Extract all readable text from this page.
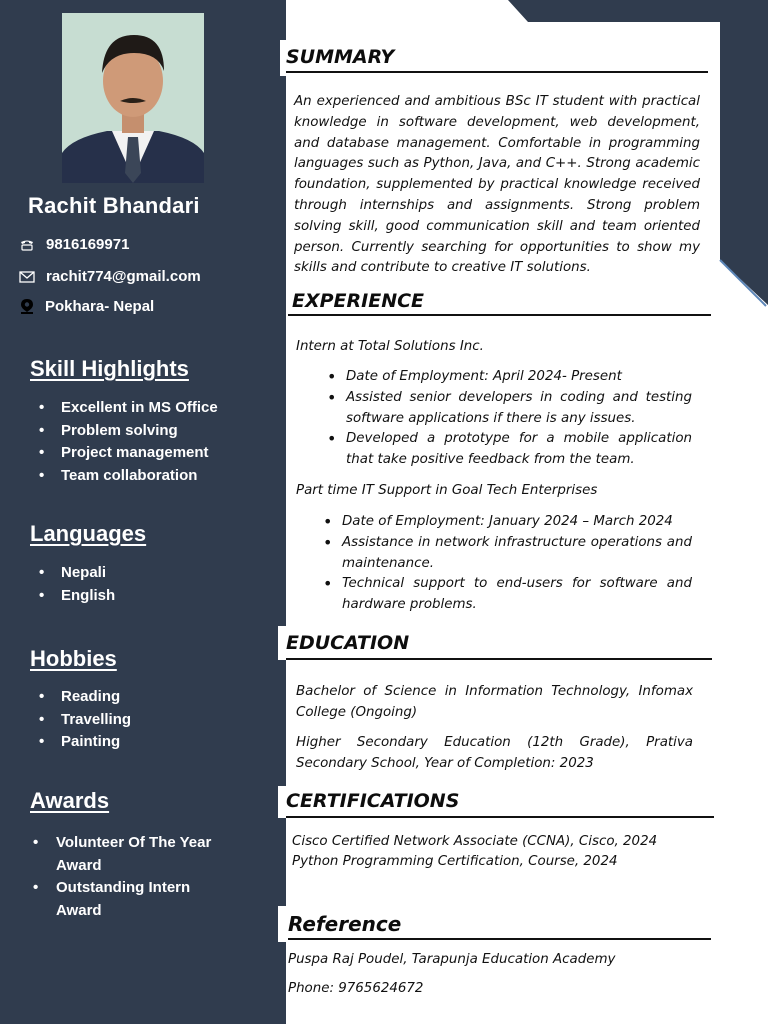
Rachit Bhandari
9816169971
rachit774@gmail.com
Pokhara- Nepal
Skill Highlights
• Excellent in MS Office
• Problem solving
• Project management
• Team collaboration
Languages
• Nepali
• English
Hobbies
• Reading
• Travelling
• Painting
Awards
• Volunteer Of The Year Award
• Outstanding Intern Award
SUMMARY
An experienced and ambitious BSc IT student with practical knowledge in software development, web development, and database management. Comfortable in programming languages such as Python, Java, and C++. Strong academic foundation, supplemented by practical knowledge received through internships and assignments. Strong problem solving skill, good communication skill and team oriented person. Currently searching for opportunities to show my skills and contribute to creative IT solutions.
EXPERIENCE
Intern at Total Solutions Inc.
• Date of Employment: April 2024- Present
• Assisted senior developers in coding and testing software applications if there is any issues.
• Developed a prototype for a mobile application that take positive feedback from the team.
Part time IT Support in Goal Tech Enterprises
• Date of Employment: January 2024 – March 2024
• Assistance in network infrastructure operations and maintenance.
• Technical support to end-users for software and hardware problems.
EDUCATION
Bachelor of Science in Information Technology, Infomax College (Ongoing)
Higher Secondary Education (12th Grade), Prativa Secondary School, Year of Completion: 2023
CERTIFICATIONS
Cisco Certified Network Associate (CCNA), Cisco, 2024
Python Programming Certification, Course, 2024
Reference
Puspa Raj Poudel, Tarapunja Education Academy
Phone: 9765624672
